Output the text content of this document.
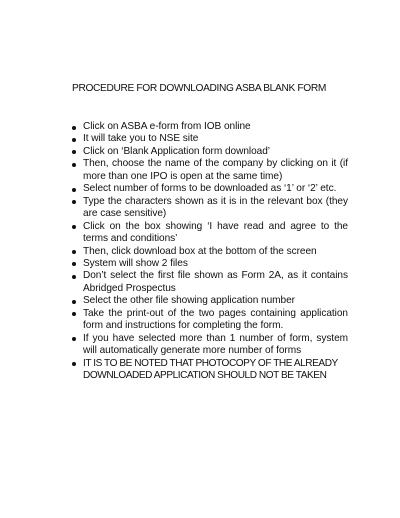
PROCEDURE FOR DOWNLOADING ASBA BLANK FORM
Click on ASBA e-form from IOB online
It will take you to NSE site
Click on ‘Blank Application form download’
Then, choose the name of the company by clicking on it (if more than one IPO is open at the same time)
Select number of forms to be downloaded as ‘1’ or ‘2’ etc.
Type the characters shown as it is in the relevant box (they are case sensitive)
Click on the box showing ‘I have read and agree to the terms and conditions’
Then, click download box at the bottom of the screen
System will show 2 files
Don’t select the first file shown as Form 2A, as it contains Abridged Prospectus
Select the other file showing application number
Take the print-out of the two pages containing application form and instructions for completing the form.
If you have selected more than 1 number of form, system will automatically generate more number of forms
IT IS TO BE NOTED THAT PHOTOCOPY OF THE ALREADY DOWNLOADED APPLICATION SHOULD NOT BE TAKEN
